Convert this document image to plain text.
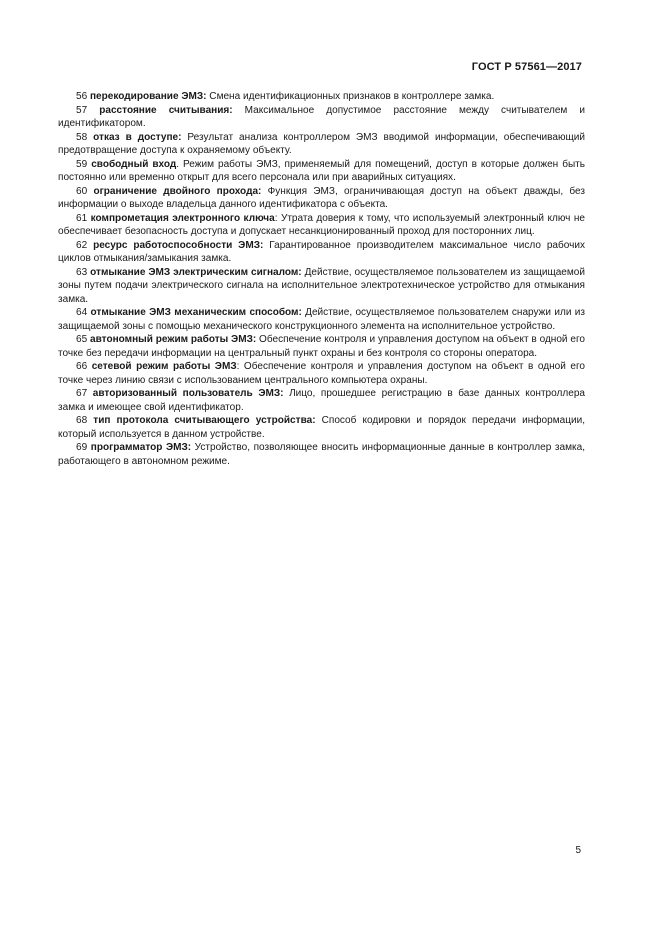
ГОСТ Р 57561—2017

56 перекодирование ЭМЗ: Смена идентификационных признаков в контроллере замка.

57 расстояние считывания: Максимальное допустимое расстояние между считывателем и идентификатором.

58 отказ в доступе: Результат анализа контроллером ЭМЗ вводимой информации, обеспечивающий предотвращение доступа к охраняемому объекту.

59 свободный вход. Режим работы ЭМЗ, применяемый для помещений, доступ в которые должен быть постоянно или временно открыт для всего персонала или при аварийных ситуациях.

60 ограничение двойного прохода: Функция ЭМЗ, ограничивающая доступ на объект дважды, без информации о выходе владельца данного идентификатора с объекта.

61 компрометация электронного ключа: Утрата доверия к тому, что используемый электронный ключ не обеспечивает безопасность доступа и допускает несанкционированный проход для посторонних лиц.

62 ресурс работоспособности ЭМЗ: Гарантированное производителем максимальное число рабочих циклов отмыкания/замыкания замка.

63 отмыкание ЭМЗ электрическим сигналом: Действие, осуществляемое пользователем из защищаемой зоны путем подачи электрического сигнала на исполнительное электротехническое устройство для отмыкания замка.

64 отмыкание ЭМЗ механическим способом: Действие, осуществляемое пользователем снаружи или из защищаемой зоны с помощью механического конструкционного элемента на исполнительное устройство.

65 автономный режим работы ЭМЗ: Обеспечение контроля и управления доступом на объект в одной его точке без передачи информации на центральный пункт охраны и без контроля со стороны оператора.

66 сетевой режим работы ЭМЗ: Обеспечение контроля и управления доступом на объект в одной его точке через линию связи с использованием центрального компьютера охраны.

67 авторизованный пользователь ЭМЗ: Лицо, прошедшее регистрацию в базе данных контроллера замка и имеющее свой идентификатор.

68 тип протокола считывающего устройства: Способ кодировки и порядок передачи информации, который используется в данном устройстве.

69 программатор ЭМЗ: Устройство, позволяющее вносить информационные данные в контроллер замка, работающего в автономном режиме.

5
